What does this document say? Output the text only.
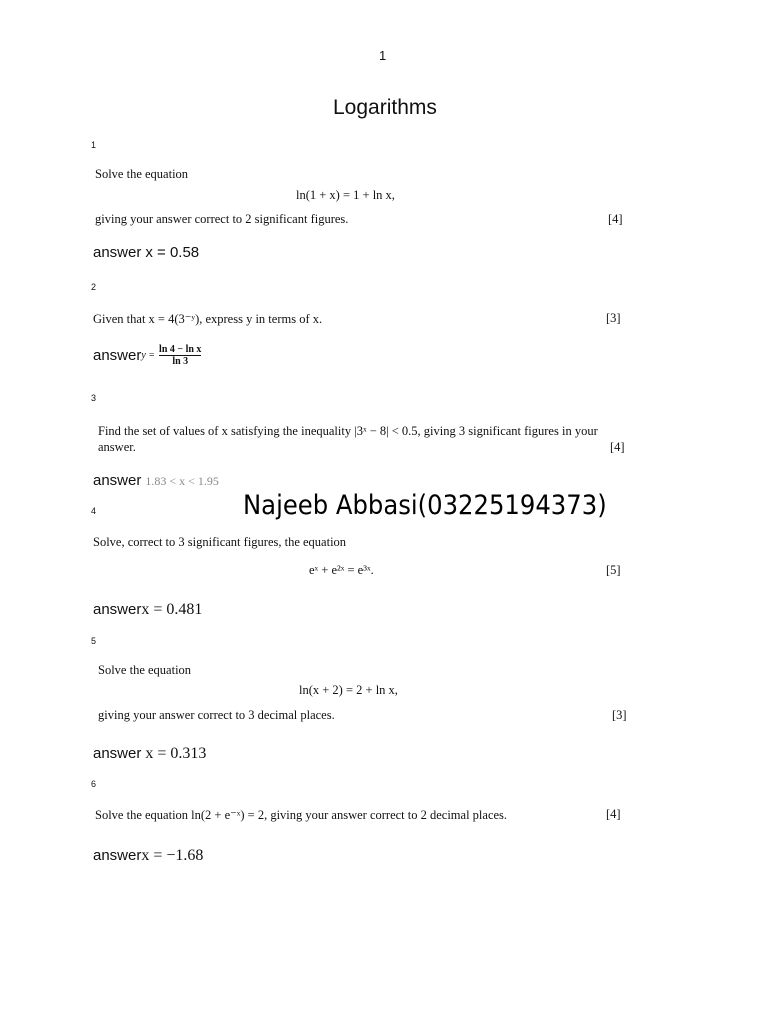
1
Logarithms
1
Solve the equation
ln(1 + x) = 1 + ln x,
giving your answer correct to 2 significant figures.	[4]
answer x = 0.58
2
Given that x = 4(3⁻ʸ), express y in terms of x.	[3]
answery = $\frac{\text{ln 4 − ln x}}{\ln 3}$
3
Find the set of values of x satisfying the inequality |3ˣ − 8| < 0.5, giving 3 significant figures in your
answer.	[4]
answer 1.83 < x < 1.95
Najeeb Abbasi(03225194373)
4
Solve, correct to 3 significant figures, the equation
eˣ + e²ˣ = e³ˣ.	[5]
answerx = 0.481
5
Solve the equation
ln(x + 2) = 2 + ln x,
giving your answer correct to 3 decimal places.	[3]
answer x = 0.313
6
Solve the equation ln(2 + e⁻ˣ) = 2, giving your answer correct to 2 decimal places.	[4]
answerx = −1.68
